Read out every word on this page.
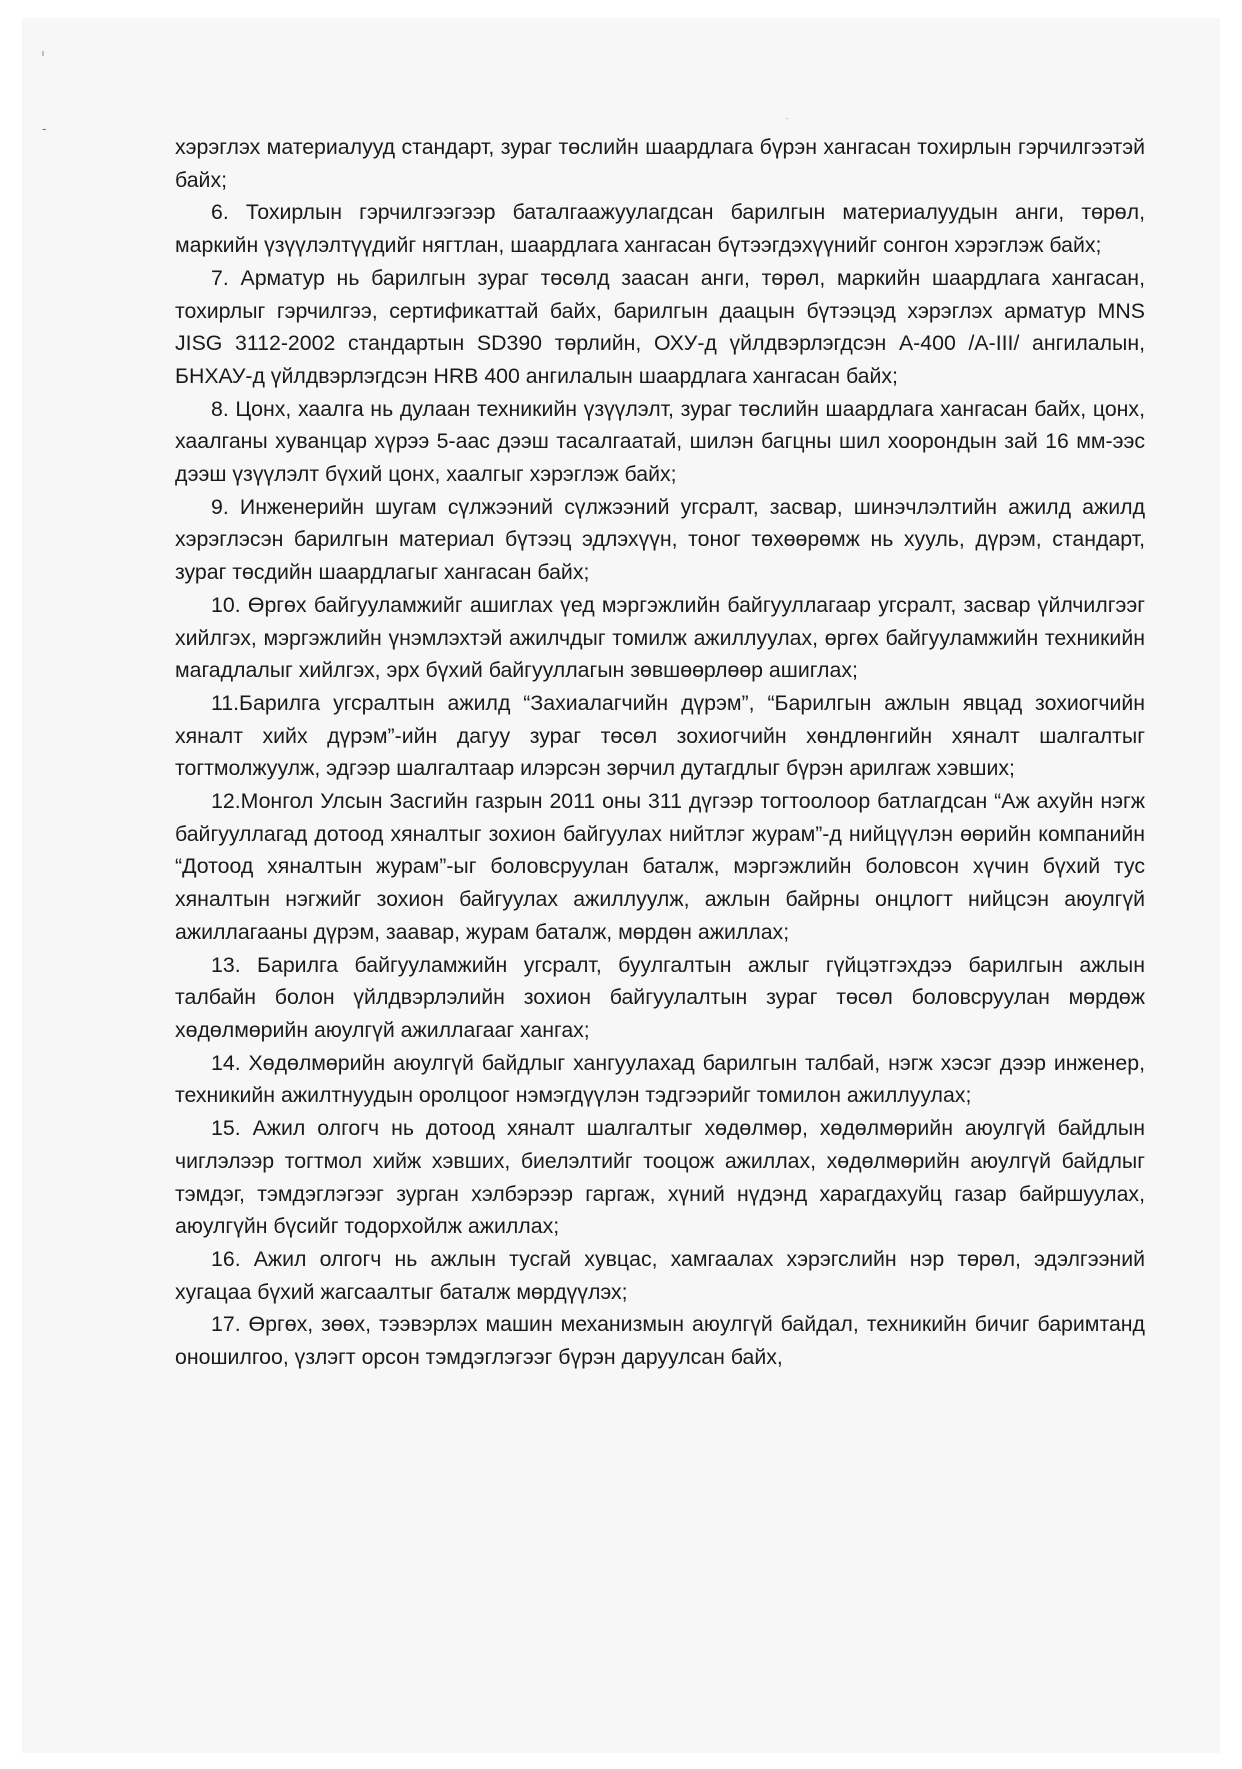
ᶦ
-
.

хэрэглэх материалууд стандарт, зураг төслийн шаардлага бүрэн хангасан тохирлын гэрчилгээтэй байх;

6. Тохирлын гэрчилгээгээр баталгаажуулагдсан барилгын материалуудын анги, төрөл, маркийн үзүүлэлтүүдийг нягтлан, шаардлага хангасан бүтээгдэхүүнийг сонгон хэрэглэж байх;

7. Арматур нь барилгын зураг төсөлд заасан анги, төрөл, маркийн шаардлага хангасан, тохирлыг гэрчилгээ, сертификаттай байх, барилгын даацын бүтээцэд хэрэглэх арматур MNS JISG 3112-2002 стандартын SD390 төрлийн, ОХУ-д үйлдвэрлэгдсэн А-400 /A-III/ ангилалын, БНХАУ-д үйлдвэрлэгдсэн HRB 400 ангилалын шаардлага хангасан байх;

8. Цонх, хаалга нь дулаан техникийн үзүүлэлт, зураг төслийн шаардлага хангасан байх, цонх, хаалганы хуванцар хүрээ 5-аас дээш тасалгаатай, шилэн багцны шил хоорондын зай 16 мм-ээс дээш үзүүлэлт бүхий цонх, хаалгыг хэрэглэж байх;

9. Инженерийн шугам сүлжээний сүлжээний угсралт, засвар, шинэчлэлтийн ажилд ажилд хэрэглэсэн барилгын материал бүтээц эдлэхүүн, тоног төхөөрөмж нь хууль, дүрэм, стандарт, зураг төсдийн шаардлагыг хангасан байх;

10. Өргөх байгууламжийг ашиглах үед мэргэжлийн байгууллагаар угсралт, засвар үйлчилгээг хийлгэх, мэргэжлийн үнэмлэхтэй ажилчдыг томилж ажиллуулах, өргөх байгууламжийн техникийн магадлалыг хийлгэх, эрх бүхий байгууллагын зөвшөөрлөөр ашиглах;

11.Барилга угсралтын ажилд “Захиалагчийн дүрэм”, “Барилгын ажлын явцад зохиогчийн хяналт хийх дүрэм”-ийн дагуу зураг төсөл зохиогчийн хөндлөнгийн хяналт шалгалтыг тогтмолжуулж, эдгээр шалгалтаар илэрсэн зөрчил дутагдлыг бүрэн арилгаж хэвших;

12.Монгол Улсын Засгийн газрын 2011 оны 311 дүгээр тогтоолоор батлагдсан “Аж ахуйн нэгж байгууллагад дотоод хяналтыг зохион байгуулах нийтлэг журам”-д нийцүүлэн өөрийн компанийн “Дотоод хяналтын журам”-ыг боловсруулан баталж, мэргэжлийн боловсон хүчин бүхий тус хяналтын нэгжийг зохион байгуулах ажиллуулж, ажлын байрны онцлогт нийцсэн аюулгүй ажиллагааны дүрэм, заавар, журам баталж, мөрдөн ажиллах;

13. Барилга байгууламжийн угсралт, буулгалтын ажлыг гүйцэтгэхдээ барилгын ажлын талбайн болон үйлдвэрлэлийн зохион байгуулалтын зураг төсөл боловсруулан мөрдөж хөдөлмөрийн аюулгүй ажиллагааг хангах;

14. Хөдөлмөрийн аюулгүй байдлыг хангуулахад барилгын талбай, нэгж хэсэг дээр инженер, техникийн ажилтнуудын оролцоог нэмэгдүүлэн тэдгээрийг томилон ажиллуулах;

15. Ажил олгогч нь дотоод хяналт шалгалтыг хөдөлмөр, хөдөлмөрийн аюулгүй байдлын чиглэлээр тогтмол хийж хэвших, биелэлтийг тооцож ажиллах, хөдөлмөрийн аюулгүй байдлыг тэмдэг, тэмдэглэгээг зурган хэлбэрээр гаргаж, хүний нүдэнд харагдахуйц газар байршуулах, аюулгүйн бүсийг тодорхойлж ажиллах;

16. Ажил олгогч нь ажлын тусгай хувцас, хамгаалах хэрэгслийн нэр төрөл, эдэлгээний хугацаа бүхий жагсаалтыг баталж мөрдүүлэх;

17. Өргөх, зөөх, тээвэрлэх машин механизмын аюулгүй байдал, техникийн бичиг баримтанд оношилгоо, үзлэгт орсон тэмдэглэгээг бүрэн даруулсан байх,
